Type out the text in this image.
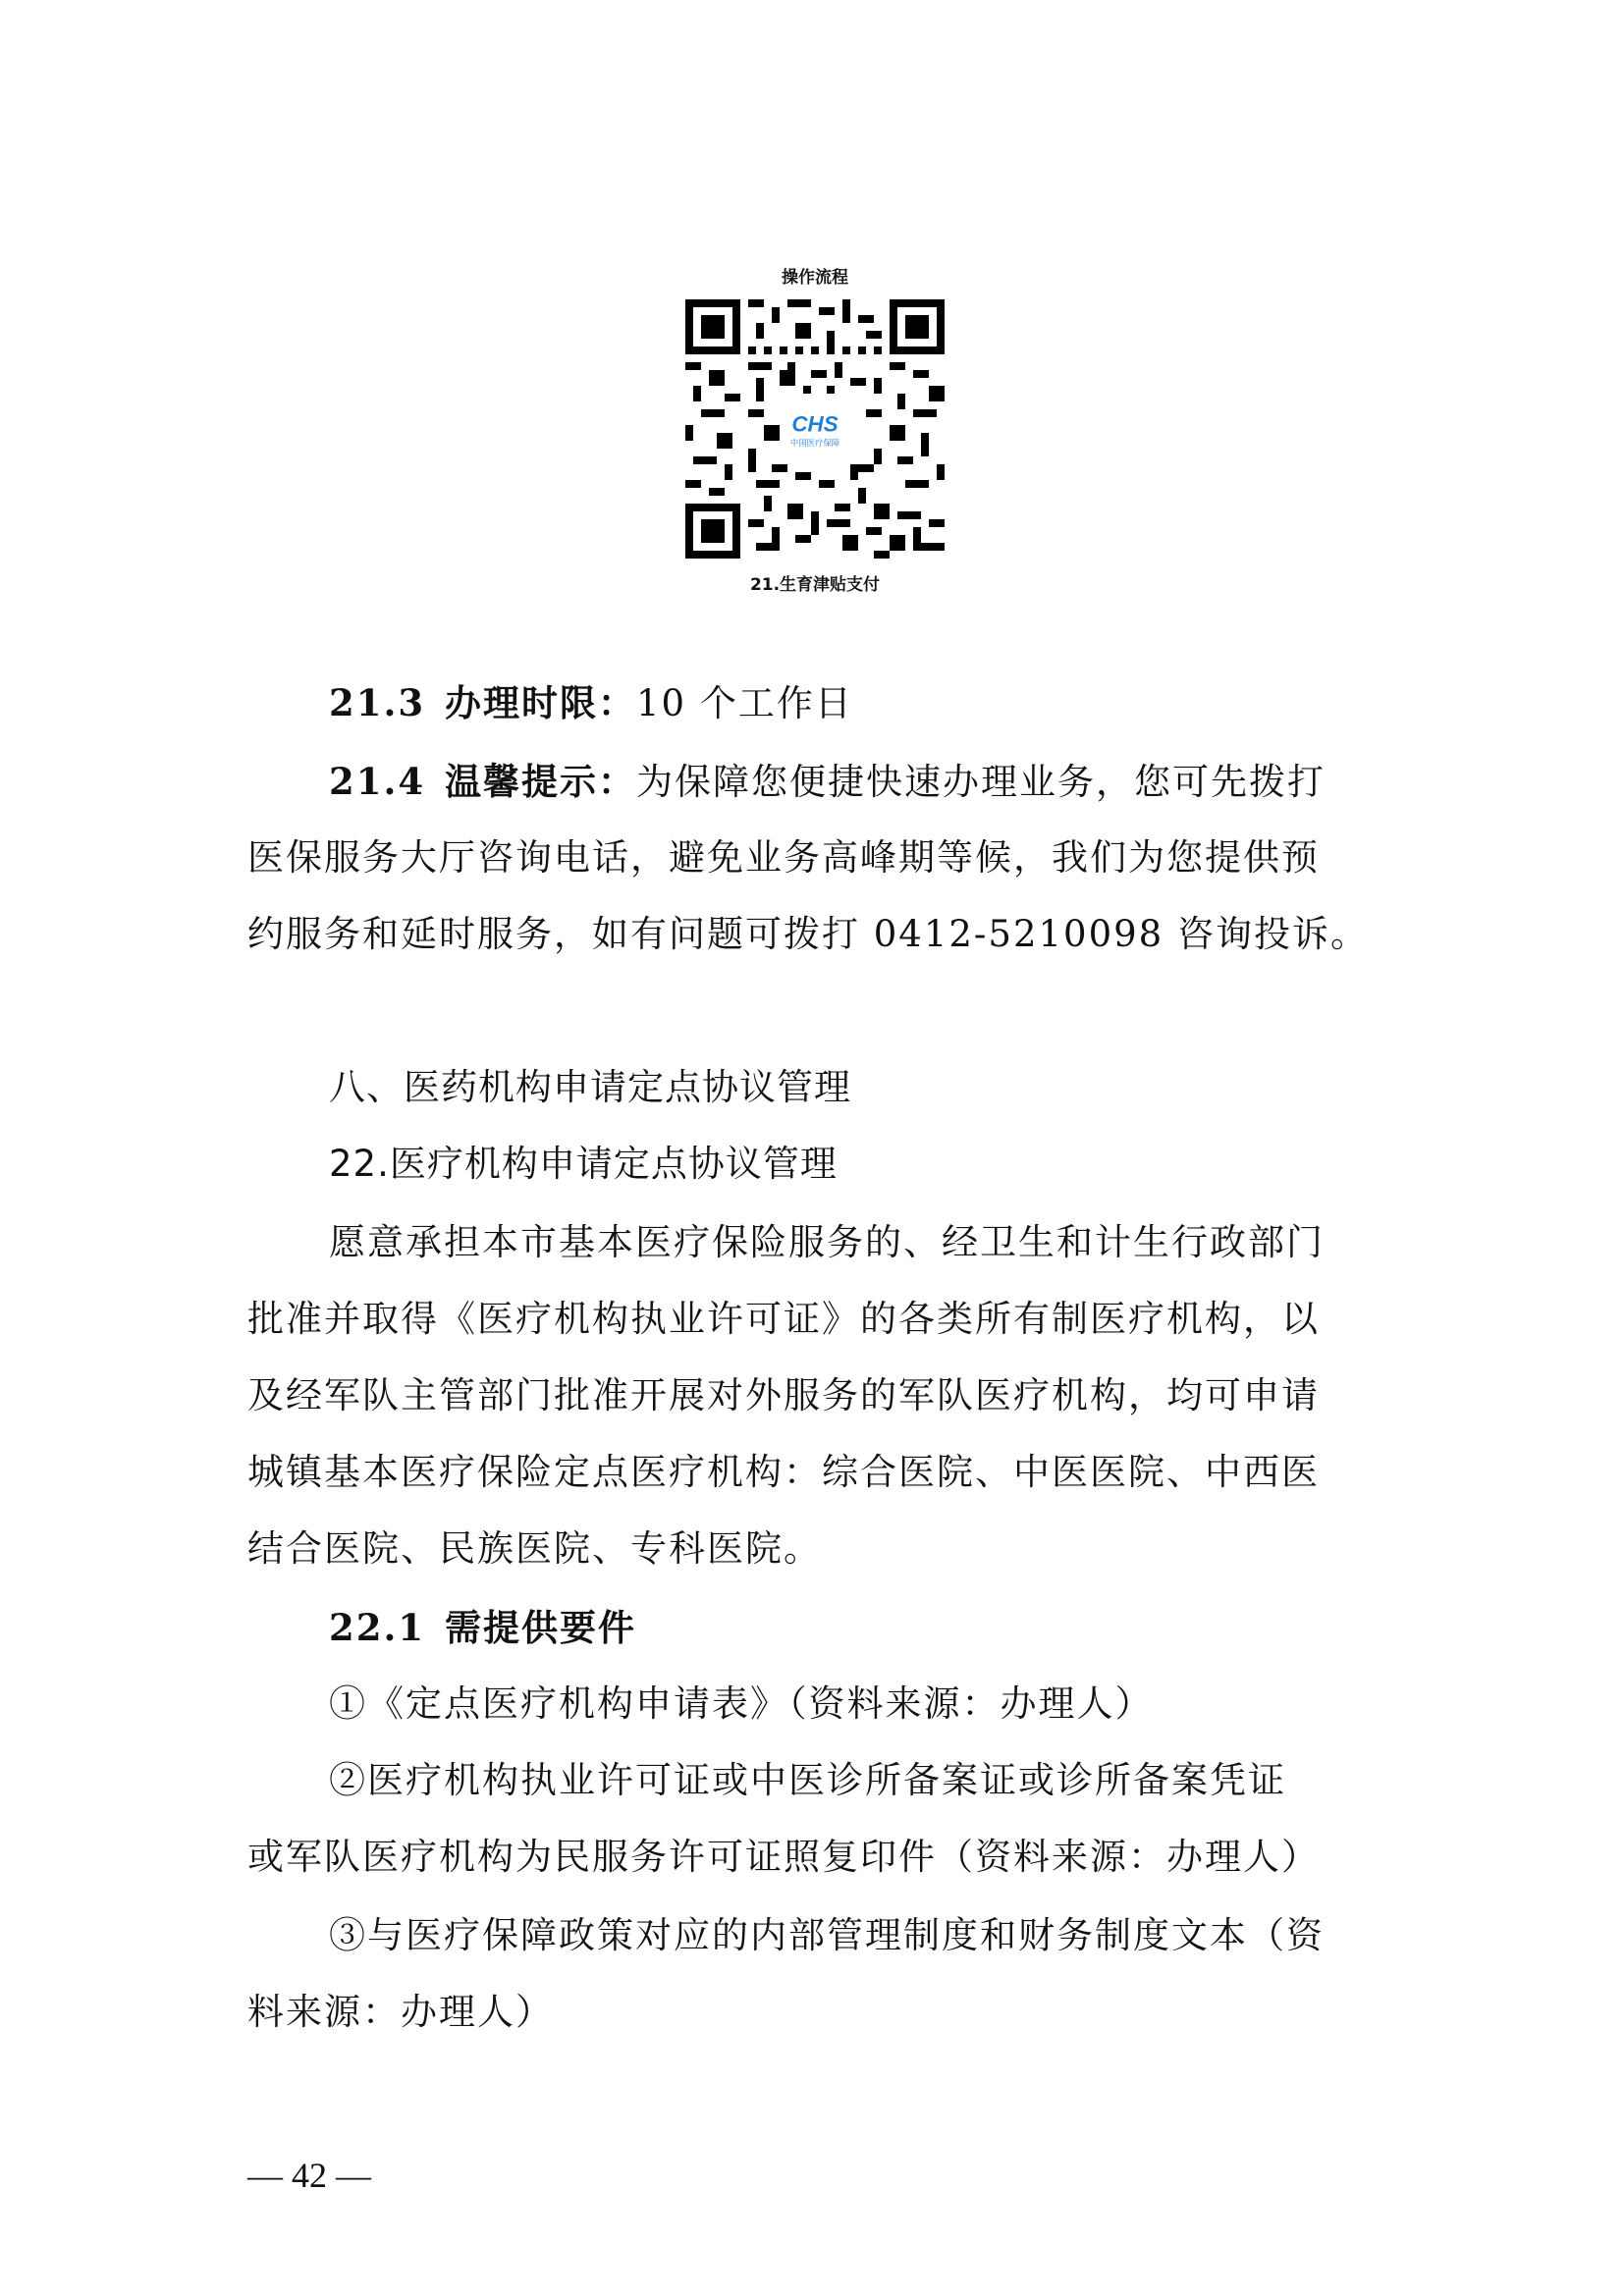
操作流程
CHS
中国医疗保障
21.生育津贴支付
21.3 办理时限：10 个工作日
21.4 温馨提示：为保障您便捷快速办理业务，您可先拨打
医保服务大厅咨询电话，避免业务高峰期等候，我们为您提供预
约服务和延时服务，如有问题可拨打 0412-5210098 咨询投诉。
八、医药机构申请定点协议管理
22.医疗机构申请定点协议管理
愿意承担本市基本医疗保险服务的、经卫生和计生行政部门
批准并取得《医疗机构执业许可证》的各类所有制医疗机构，以
及经军队主管部门批准开展对外服务的军队医疗机构，均可申请
城镇基本医疗保险定点医疗机构：综合医院、中医医院、中西医
结合医院、民族医院、专科医院。
22.1 需提供要件
①《定点医疗机构申请表》（资料来源：办理人）
②医疗机构执业许可证或中医诊所备案证或诊所备案凭证
或军队医疗机构为民服务许可证照复印件（资料来源：办理人）
③与医疗保障政策对应的内部管理制度和财务制度文本（资
料来源：办理人）
— 42 —
